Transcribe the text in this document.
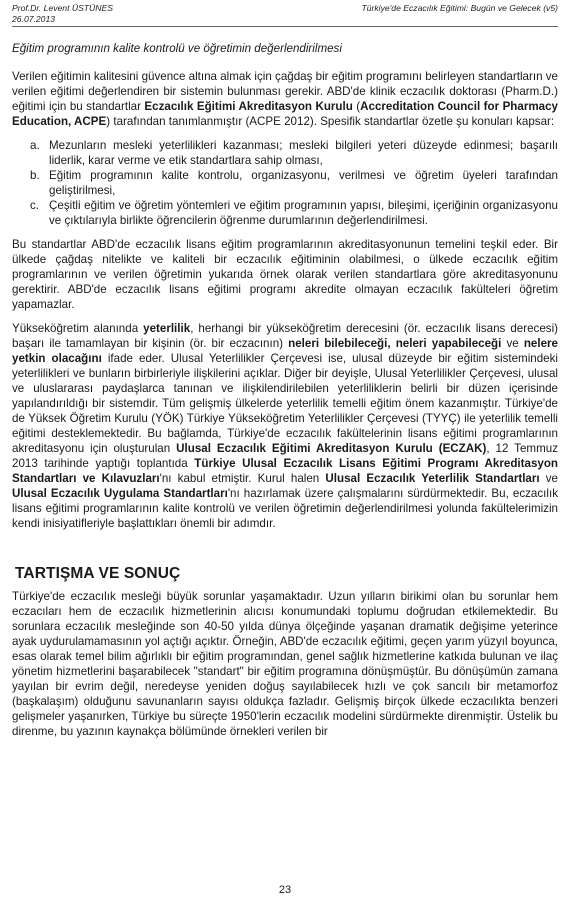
Prof.Dr. Levent ÜSTÜNES
26.07.2013
Türkiye'de Eczacılık Eğitimi: Bugün ve Gelecek (v5)

Eğitim programının kalite kontrolü ve öğretimin değerlendirilmesi

Verilen eğitimin kalitesini güvence altına almak için çağdaş bir eğitim programını belirleyen standartların ve verilen eğitimi değerlendiren bir sistemin bulunması gerekir. ABD'de klinik eczacılık doktorası (Pharm.D.) eğitimi için bu standartlar Eczacılık Eğitimi Akreditasyon Kurulu (Accreditation Council for Pharmacy Education, ACPE) tarafından tanımlanmıştır (ACPE 2012). Spesifik standartlar özetle şu konuları kapsar:

a. Mezunların mesleki yeterlilikleri kazanması; mesleki bilgileri yeteri düzeyde edinmesi; başarılı liderlik, karar verme ve etik standartlara sahip olması,
b. Eğitim programının kalite kontrolu, organizasyonu, verilmesi ve öğretim üyeleri tarafından geliştirilmesi,
c. Çeşitli eğitim ve öğretim yöntemleri ve eğitim programının yapısı, bileşimi, içeriğinin organizasyonu ve çıktılarıyla birlikte öğrencilerin öğrenme durumlarının değerlendirilmesi.

Bu standartlar ABD'de eczacılık lisans eğitim programlarının akreditasyonunun temelini teşkil eder. Bir ülkede çağdaş nitelikte ve kaliteli bir eczacılık eğitiminin olabilmesi, o ülkede eczacılık eğitim programlarının ve verilen öğretimin yukarıda örnek olarak verilen standartlara göre akreditasyonunu gerektirir. ABD'de eczacılık lisans eğitimi programı akredite olmayan eczacılık fakülteleri öğretim yapamazlar.

Yükseköğretim alanında yeterlilik, herhangi bir yükseköğretim derecesini (ör. eczacılık lisans derecesi) başarı ile tamamlayan bir kişinin (ör. bir eczacının) neleri bilebileceği, neleri yapabileceği ve nelere yetkin olacağını ifade eder. Ulusal Yeterlilikler Çerçevesi ise, ulusal düzeyde bir eğitim sistemindeki yeterlilikleri ve bunların birbirleriyle ilişkilerini açıklar. Diğer bir deyişle, Ulusal Yeterlilikler Çerçevesi, ulusal ve uluslararası paydaşlarca tanınan ve ilişkilendirilebilen yeterliliklerin belirli bir düzen içerisinde yapılandırıldığı bir sistemdir. Tüm gelişmiş ülkelerde yeterlilik temelli eğitim önem kazanmıştır. Türkiye'de de Yüksek Öğretim Kurulu (YÖK) Türkiye Yükseköğretim Yeterlilikler Çerçevesi (TYYÇ) ile yeterlilik temelli eğitimi desteklemektedir. Bu bağlamda, Türkiye'de eczacılık fakültelerinin lisans eğitimi programlarının akreditasyonu için oluşturulan Ulusal Eczacılık Eğitimi Akreditasyon Kurulu (ECZAK), 12 Temmuz 2013 tarihinde yaptığı toplantıda Türkiye Ulusal Eczacılık Lisans Eğitimi Programı Akreditasyon Standartları ve Kılavuzları'nı kabul etmiştir. Kurul halen Ulusal Eczacılık Yeterlilik Standartları ve Ulusal Eczacılık Uygulama Standartları'nı hazırlamak üzere çalışmalarını sürdürmektedir. Bu, eczacılık lisans eğitimi programlarının kalite kontrolü ve verilen öğretimin değerlendirilmesi yolunda fakültelerimizin kendi inisiyatifleriyle başlattıkları önemli bir adımdır.

TARTIŞMA VE SONUÇ

Türkiye'de eczacılık mesleği büyük sorunlar yaşamaktadır. Uzun yılların birikimi olan bu sorunlar hem eczacıları hem de eczacılık hizmetlerinin alıcısı konumundaki toplumu doğrudan etkilemektedir. Bu sorunlara eczacılık mesleğinde son 40-50 yılda dünya ölçeğinde yaşanan dramatik değişime yeterince ayak uydurulamamasının yol açtığı açıktır. Örneğin, ABD'de eczacılık eğitimi, geçen yarım yüzyıl boyunca, esas olarak temel bilim ağırlıklı bir eğitim programından, genel sağlık hizmetlerine katkıda bulunan ve ilaç yönetim hizmetlerini başarabilecek "standart" bir eğitim programına dönüşmüştür. Bu dönüşümün zamana yayılan bir evrim değil, neredeyse yeniden doğuş sayılabilecek hızlı ve çok sancılı bir metamorfoz (başkalaşım) olduğunu savunanların sayısı oldukça fazladır. Gelişmiş birçok ülkede eczacılıkta benzeri gelişmeler yaşanırken, Türkiye bu süreçte 1950'lerin eczacılık modelini sürdürmekte direnmiştir. Üstelik bu direnme, bu yazının kaynakça bölümünde örnekleri verilen bir

23
